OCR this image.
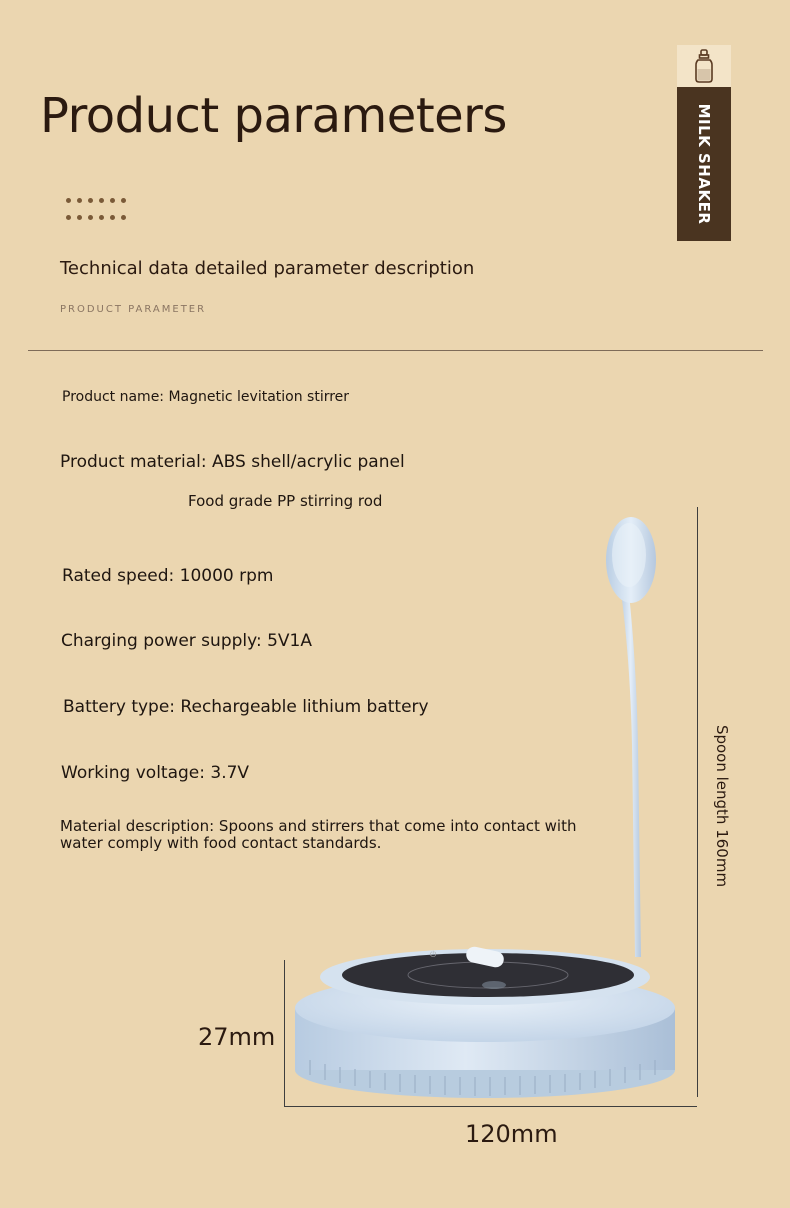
Product parameters
Technical data detailed parameter description
PRODUCT PARAMETER
MILK SHAKER
Product name: Magnetic levitation stirrer
Product material: ABS shell/acrylic panel
Food grade PP stirring rod
Rated speed: 10000 rpm
Charging power supply: 5V1A
Battery type: Rechargeable lithium battery
Working voltage: 3.7V
Material description: Spoons and stirrers that come into contact with water comply with food contact standards.
⏻
Spoon length 160mm
27mm
120mm
